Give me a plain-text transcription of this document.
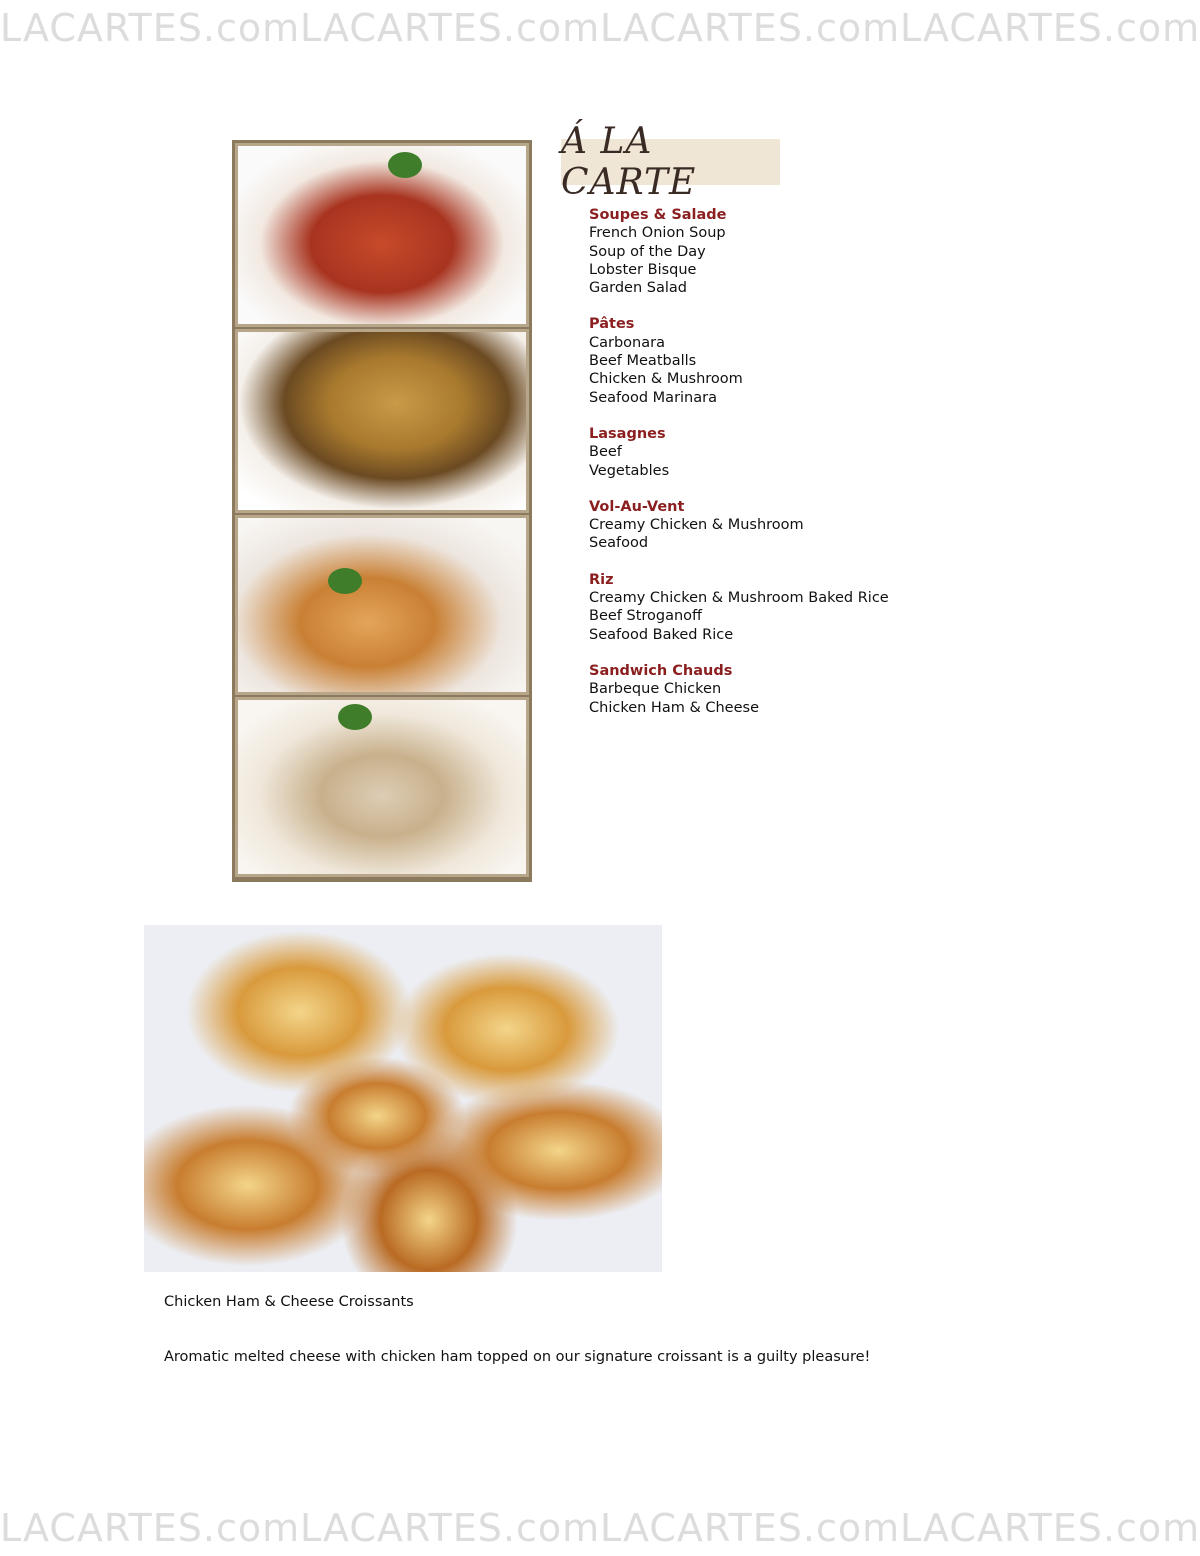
LACARTES.comLACARTES.comLACARTES.comLACARTES.com
Á LA CARTE
Soupes & Salade
French Onion Soup
Soup of the Day
Lobster Bisque
Garden Salad
Pâtes
Carbonara
Beef Meatballs
Chicken & Mushroom
Seafood Marinara
Lasagnes
Beef
Vegetables
Vol-Au-Vent
Creamy Chicken & Mushroom
Seafood
Riz
Creamy Chicken & Mushroom Baked Rice
Beef Stroganoff
Seafood Baked Rice
Sandwich Chauds
Barbeque Chicken
Chicken Ham & Cheese
Chicken Ham & Cheese Croissants
Aromatic melted cheese with chicken ham topped on our signature croissant is a guilty pleasure!
LACARTES.comLACARTES.comLACARTES.comLACARTES.com
